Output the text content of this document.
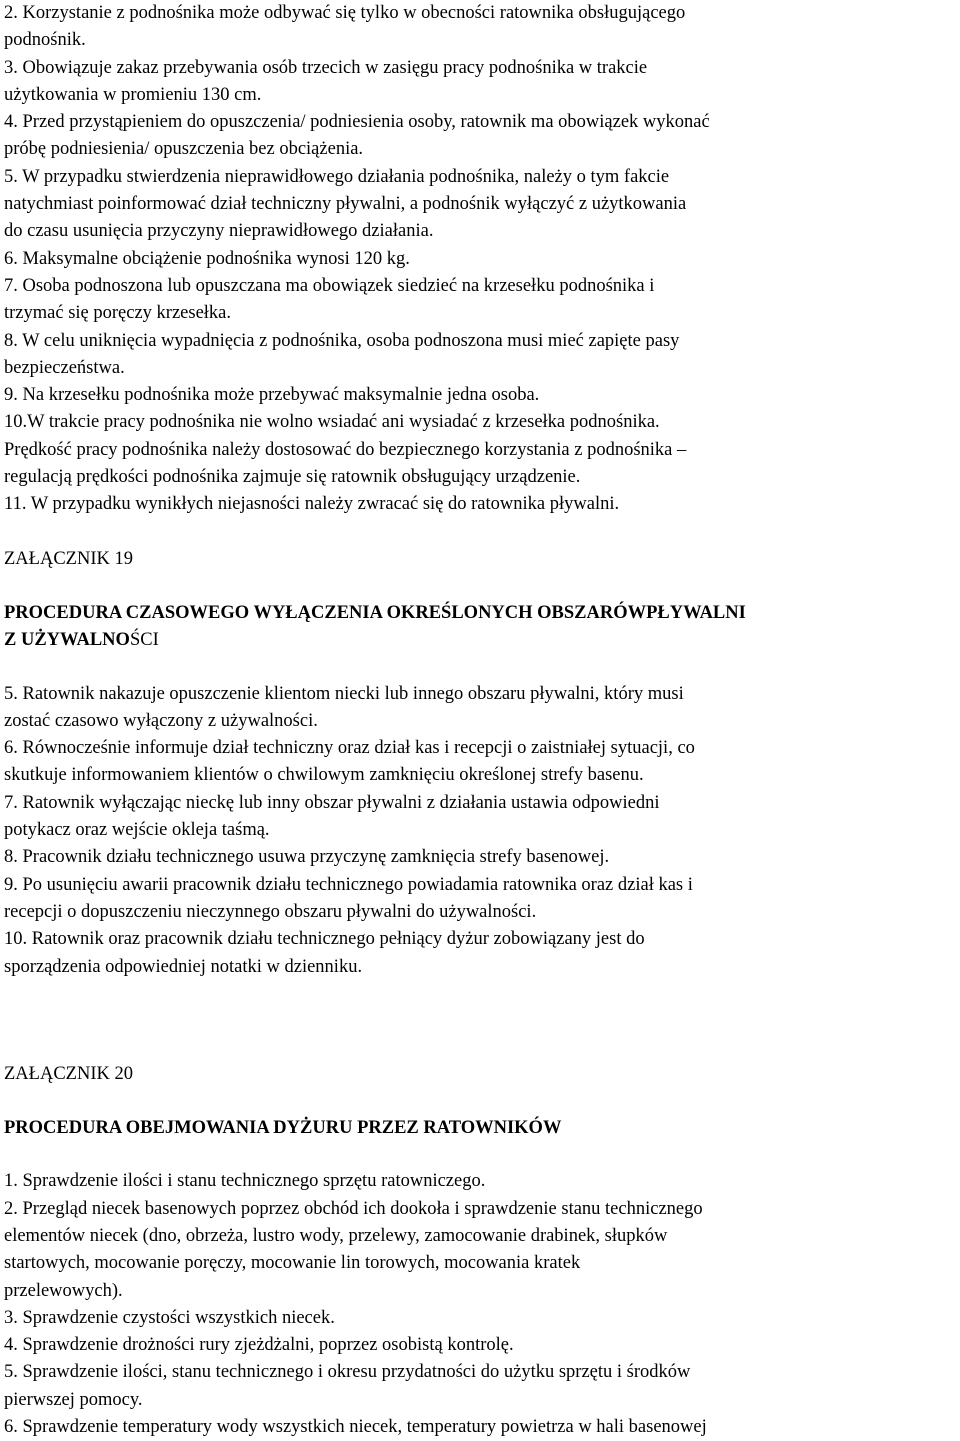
2. Korzystanie z podnośnika może odbywać się tylko w obecności ratownika obsługującego
podnośnik.

3. Obowiązuje zakaz przebywania osób trzecich w zasięgu pracy podnośnika w trakcie
użytkowania w promieniu 130 cm.

4. Przed przystąpieniem do opuszczenia/ podniesienia osoby, ratownik ma obowiązek wykonać
próbę podniesienia/ opuszczenia bez obciążenia.

5. W przypadku stwierdzenia nieprawidłowego działania podnośnika, należy o tym fakcie
natychmiast poinformować dział techniczny pływalni, a podnośnik wyłączyć z użytkowania
do czasu usunięcia przyczyny nieprawidłowego działania.

6. Maksymalne obciążenie podnośnika wynosi 120 kg.

7. Osoba podnoszona lub opuszczana ma obowiązek siedzieć na krzesełku podnośnika i
trzymać się poręczy krzesełka.

8. W celu uniknięcia wypadnięcia z podnośnika, osoba podnoszona musi mieć zapięte pasy
bezpieczeństwa.

9. Na krzesełku podnośnika może przebywać maksymalnie jedna osoba.

10.W trakcie pracy podnośnika nie wolno wsiadać ani wysiadać z krzesełka podnośnika.
Prędkość pracy podnośnika należy dostosować do bezpiecznego korzystania z podnośnika –
regulacją prędkości podnośnika zajmuje się ratownik obsługujący urządzenie.

11. W przypadku wynikłych niejasności należy zwracać się do ratownika pływalni.

ZAŁĄCZNIK 19

PROCEDURA CZASOWEGO WYŁĄCZENIA OKREŚLONYCH OBSZARÓWPŁYWALNI
Z UŻYWALNOŚCI

5. Ratownik nakazuje opuszczenie klientom niecki lub innego obszaru pływalni, który musi
zostać czasowo wyłączony z używalności.

6. Równocześnie informuje dział techniczny oraz dział kas i recepcji o zaistniałej sytuacji, co
skutkuje informowaniem klientów o chwilowym zamknięciu określonej strefy basenu.

7. Ratownik wyłączając nieckę lub inny obszar pływalni z działania ustawia odpowiedni
potykacz oraz wejście okleja taśmą.

8. Pracownik działu technicznego usuwa przyczynę zamknięcia strefy basenowej.

9. Po usunięciu awarii pracownik działu technicznego powiadamia ratownika oraz dział kas i
recepcji o dopuszczeniu nieczynnego obszaru pływalni do używalności.

10. Ratownik oraz pracownik działu technicznego pełniący dyżur zobowiązany jest do
sporządzenia odpowiedniej notatki w dzienniku.

ZAŁĄCZNIK 20

PROCEDURA OBEJMOWANIA DYŻURU PRZEZ RATOWNIKÓW

1. Sprawdzenie ilości i stanu technicznego sprzętu ratowniczego.

2. Przegląd niecek basenowych poprzez obchód ich dookoła i sprawdzenie stanu technicznego
elementów niecek (dno, obrzeża, lustro wody, przelewy, zamocowanie drabinek, słupków
startowych, mocowanie poręczy, mocowanie lin torowych, mocowania kratek
przelewowych).

3. Sprawdzenie czystości wszystkich niecek.

4. Sprawdzenie drożności rury zjeżdżalni, poprzez osobistą kontrolę.

5. Sprawdzenie ilości, stanu technicznego i okresu przydatności do użytku sprzętu i środków
pierwszej pomocy.

6. Sprawdzenie temperatury wody wszystkich niecek, temperatury powietrza w hali basenowej
